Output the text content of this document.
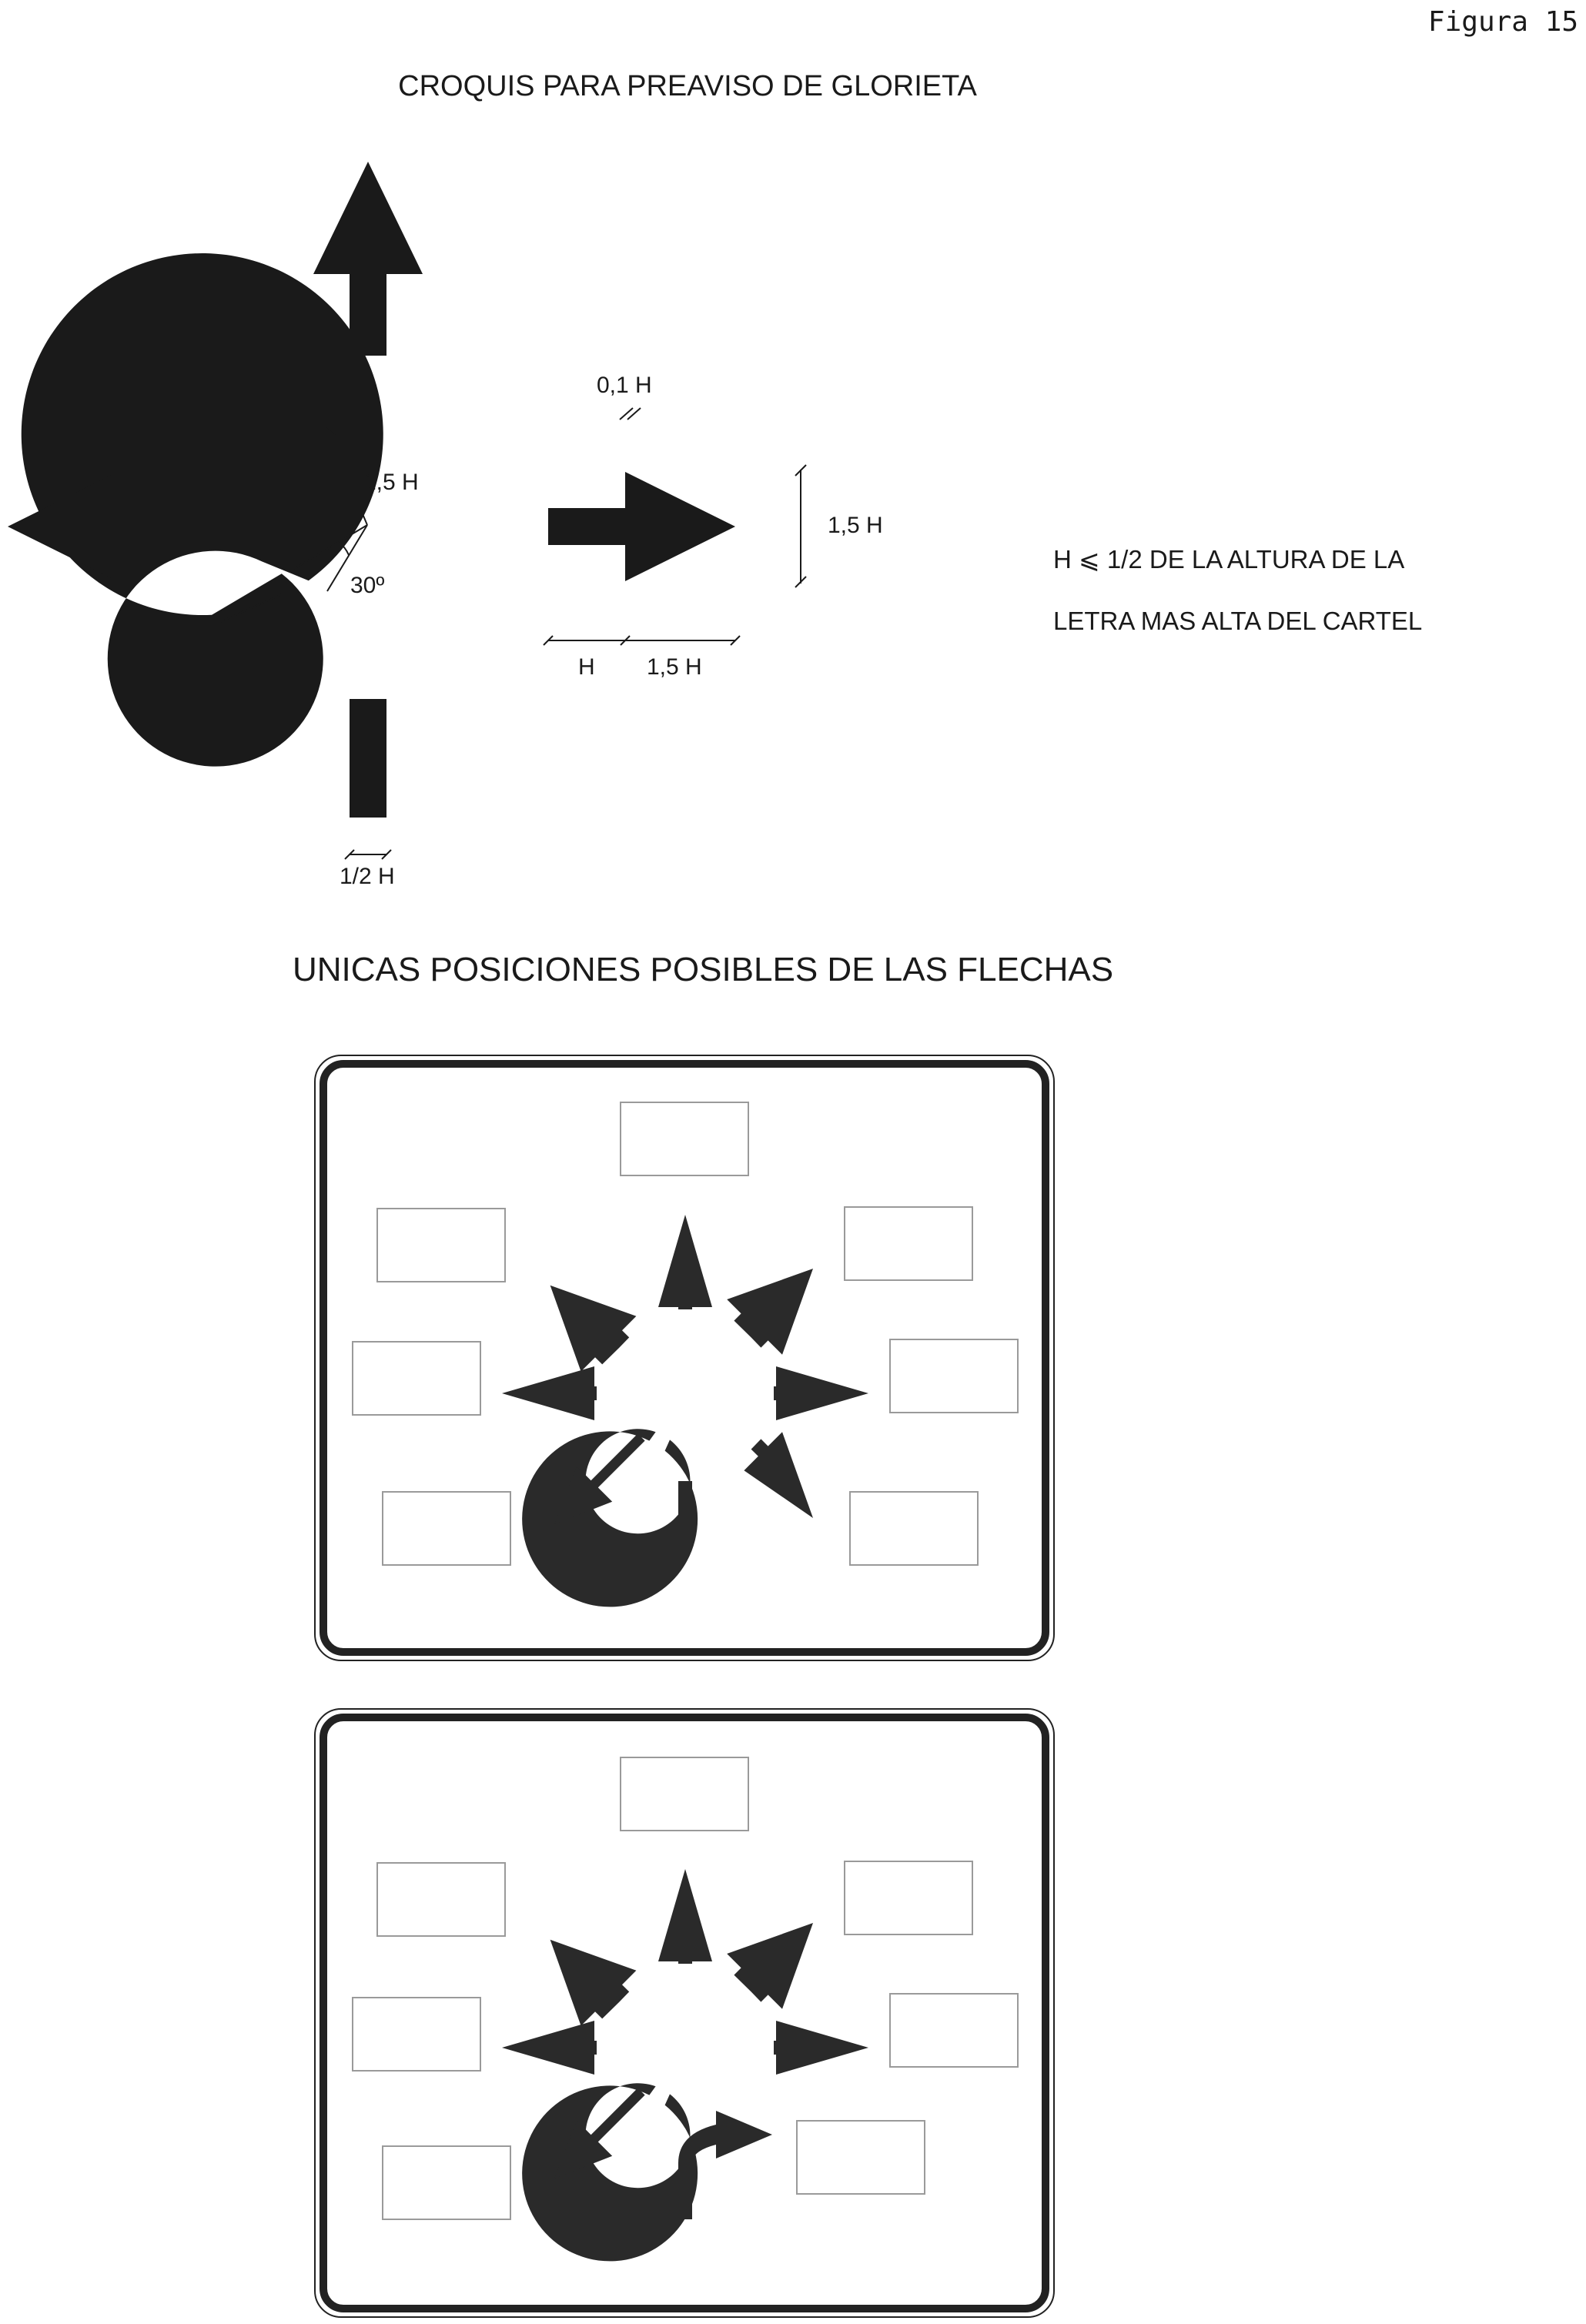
Figura 15
CROQUIS PARA PREAVISO DE GLORIETA
0,1 H
1,5 H
1,5 H
30º
H
H 1,5 H
1/2 H
H ⩽ 1/2 DE LA ALTURA DE LA
LETRA MAS ALTA DEL CARTEL
UNICAS POSICIONES POSIBLES DE LAS FLECHAS
